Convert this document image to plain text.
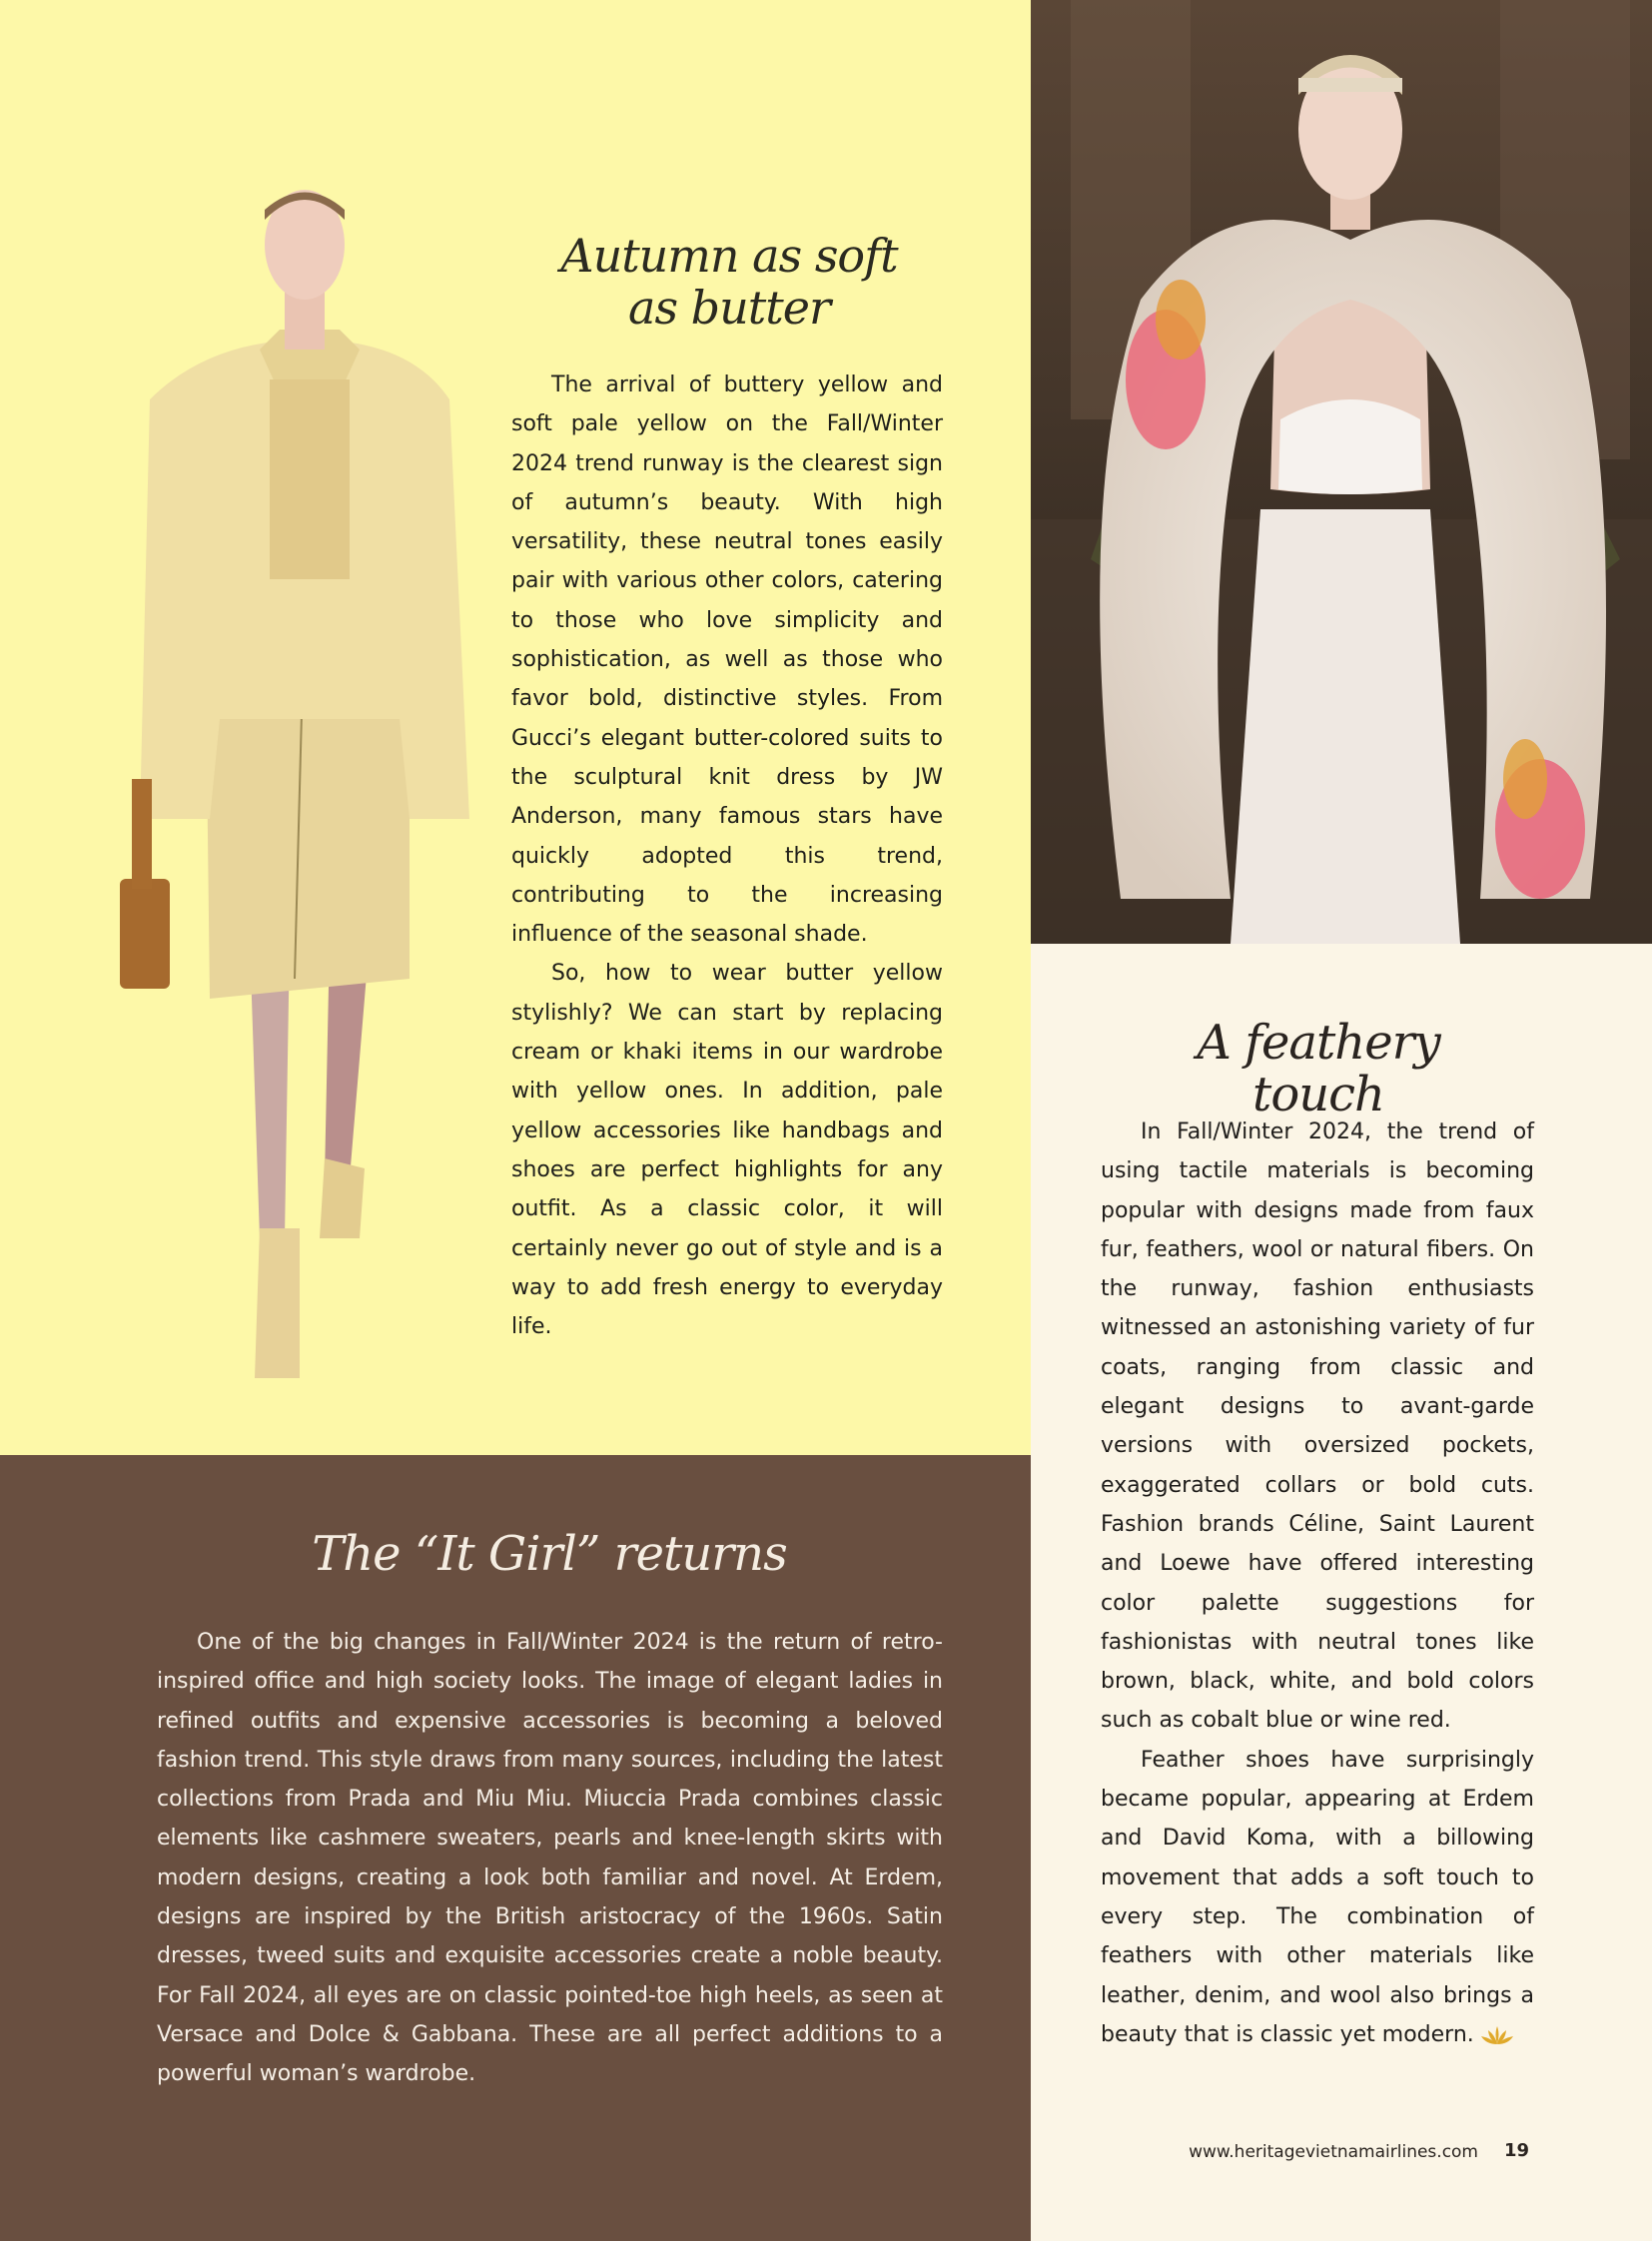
Autumn as soft
as butter

The arrival of buttery yellow and soft pale yellow on the Fall/Winter 2024 trend runway is the clearest sign of autumn’s beauty. With high versatility, these neutral tones easily pair with various other colors, catering to those who love simplicity and sophistication, as well as those who favor bold, distinctive styles. From Gucci’s elegant butter-colored suits to the sculptural knit dress by JW Anderson, many famous stars have quickly adopted this trend, contributing to the increasing influence of the seasonal shade.

So, how to wear butter yellow stylishly? We can start by replacing cream or khaki items in our wardrobe with yellow ones. In addition, pale yellow accessories like handbags and shoes are perfect highlights for any outfit. As a classic color, it will certainly never go out of style and is a way to add fresh energy to everyday life.

The “It Girl” returns

One of the big changes in Fall/Winter 2024 is the return of retro-inspired office and high society looks. The image of elegant ladies in refined outfits and expensive accessories is becoming a beloved fashion trend. This style draws from many sources, including the latest collections from Prada and Miu Miu. Miuccia Prada combines classic elements like cashmere sweaters, pearls and knee-length skirts with modern designs, creating a look both familiar and novel. At Erdem, designs are inspired by the British aristocracy of the 1960s. Satin dresses, tweed suits and exquisite accessories create a noble beauty. For Fall 2024, all eyes are on classic pointed-toe high heels, as seen at Versace and Dolce & Gabbana. These are all perfect additions to a powerful woman’s wardrobe.

A feathery touch

In Fall/Winter 2024, the trend of using tactile materials is becoming popular with designs made from faux fur, feathers, wool or natural fibers. On the runway, fashion enthusiasts witnessed an astonishing variety of fur coats, ranging from classic and elegant designs to avant-garde versions with oversized pockets, exaggerated collars or bold cuts. Fashion brands Céline, Saint Laurent and Loewe have offered interesting color palette suggestions for fashionistas with neutral tones like brown, black, white, and bold colors such as cobalt blue or wine red.

Feather shoes have surprisingly became popular, appearing at Erdem and David Koma, with a billowing movement that adds a soft touch to every step. The combination of feathers with other materials like leather, denim, and wool also brings a beauty that is classic yet modern.

www.heritagevietnamairlines.com 19
